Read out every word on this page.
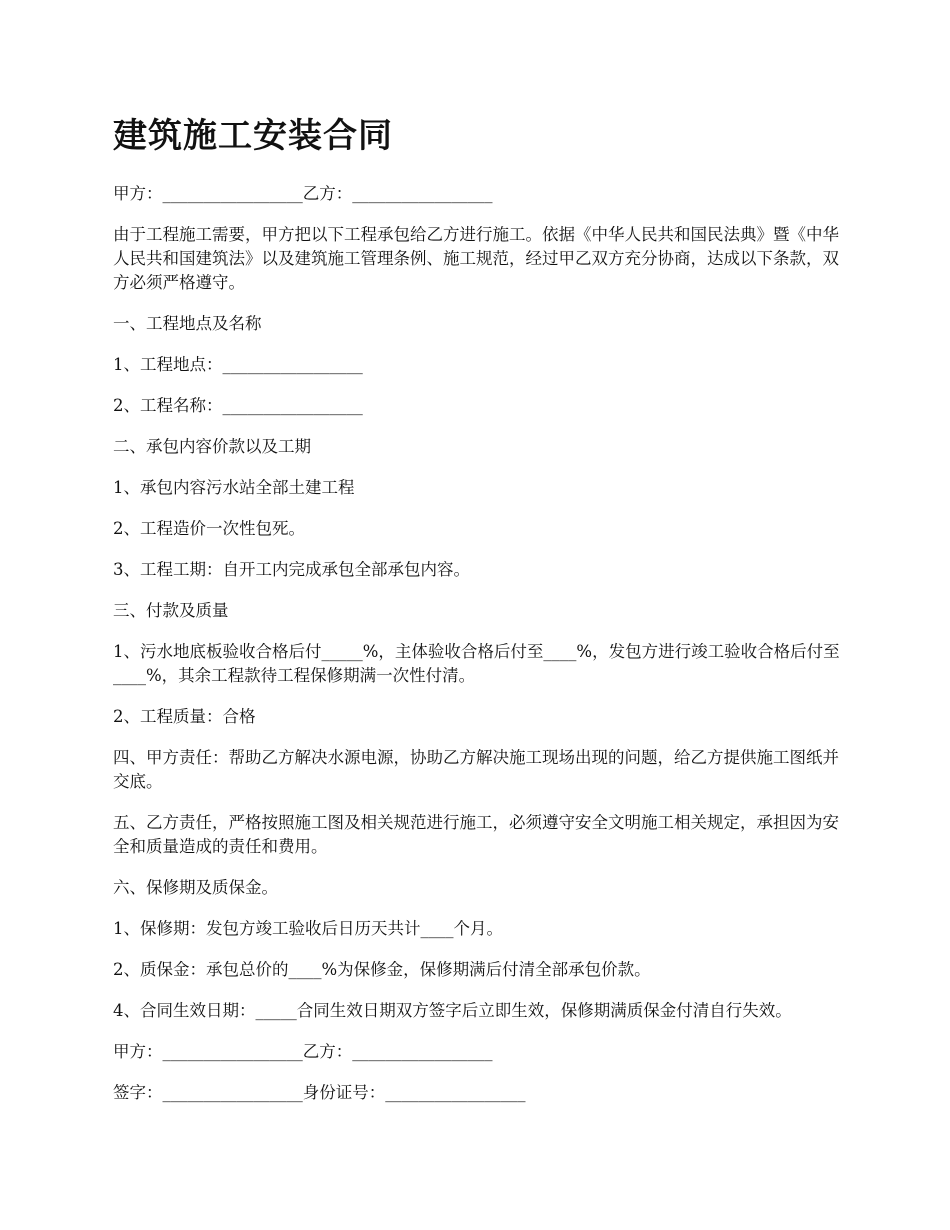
建筑施工安装合同

甲方：_________________乙方：_________________

由于工程施工需要，甲方把以下工程承包给乙方进行施工。依据《中华人民共和国民法典》暨《中华人民共和国建筑法》以及建筑施工管理条例、施工规范，经过甲乙双方充分协商，达成以下条款，双方必须严格遵守。

一、工程地点及名称

1、工程地点：_________________

2、工程名称：_________________

二、承包内容价款以及工期

1、承包内容污水站全部土建工程

2、工程造价一次性包死。

3、工程工期：自开工内完成承包全部承包内容。

三、付款及质量

1、污水地底板验收合格后付_____%，主体验收合格后付至____%，发包方进行竣工验收合格后付至____%，其余工程款待工程保修期满一次性付清。

2、工程质量：合格

四、甲方责任：帮助乙方解决水源电源，协助乙方解决施工现场出现的问题，给乙方提供施工图纸并交底。

五、乙方责任，严格按照施工图及相关规范进行施工，必须遵守安全文明施工相关规定，承担因为安全和质量造成的责任和费用。

六、保修期及质保金。

1、保修期：发包方竣工验收后日历天共计____个月。

2、质保金：承包总价的____%为保修金，保修期满后付清全部承包价款。

4、合同生效日期：_____合同生效日期双方签字后立即生效，保修期满质保金付清自行失效。

甲方：_________________乙方：_________________

签字：_________________身份证号：_________________
